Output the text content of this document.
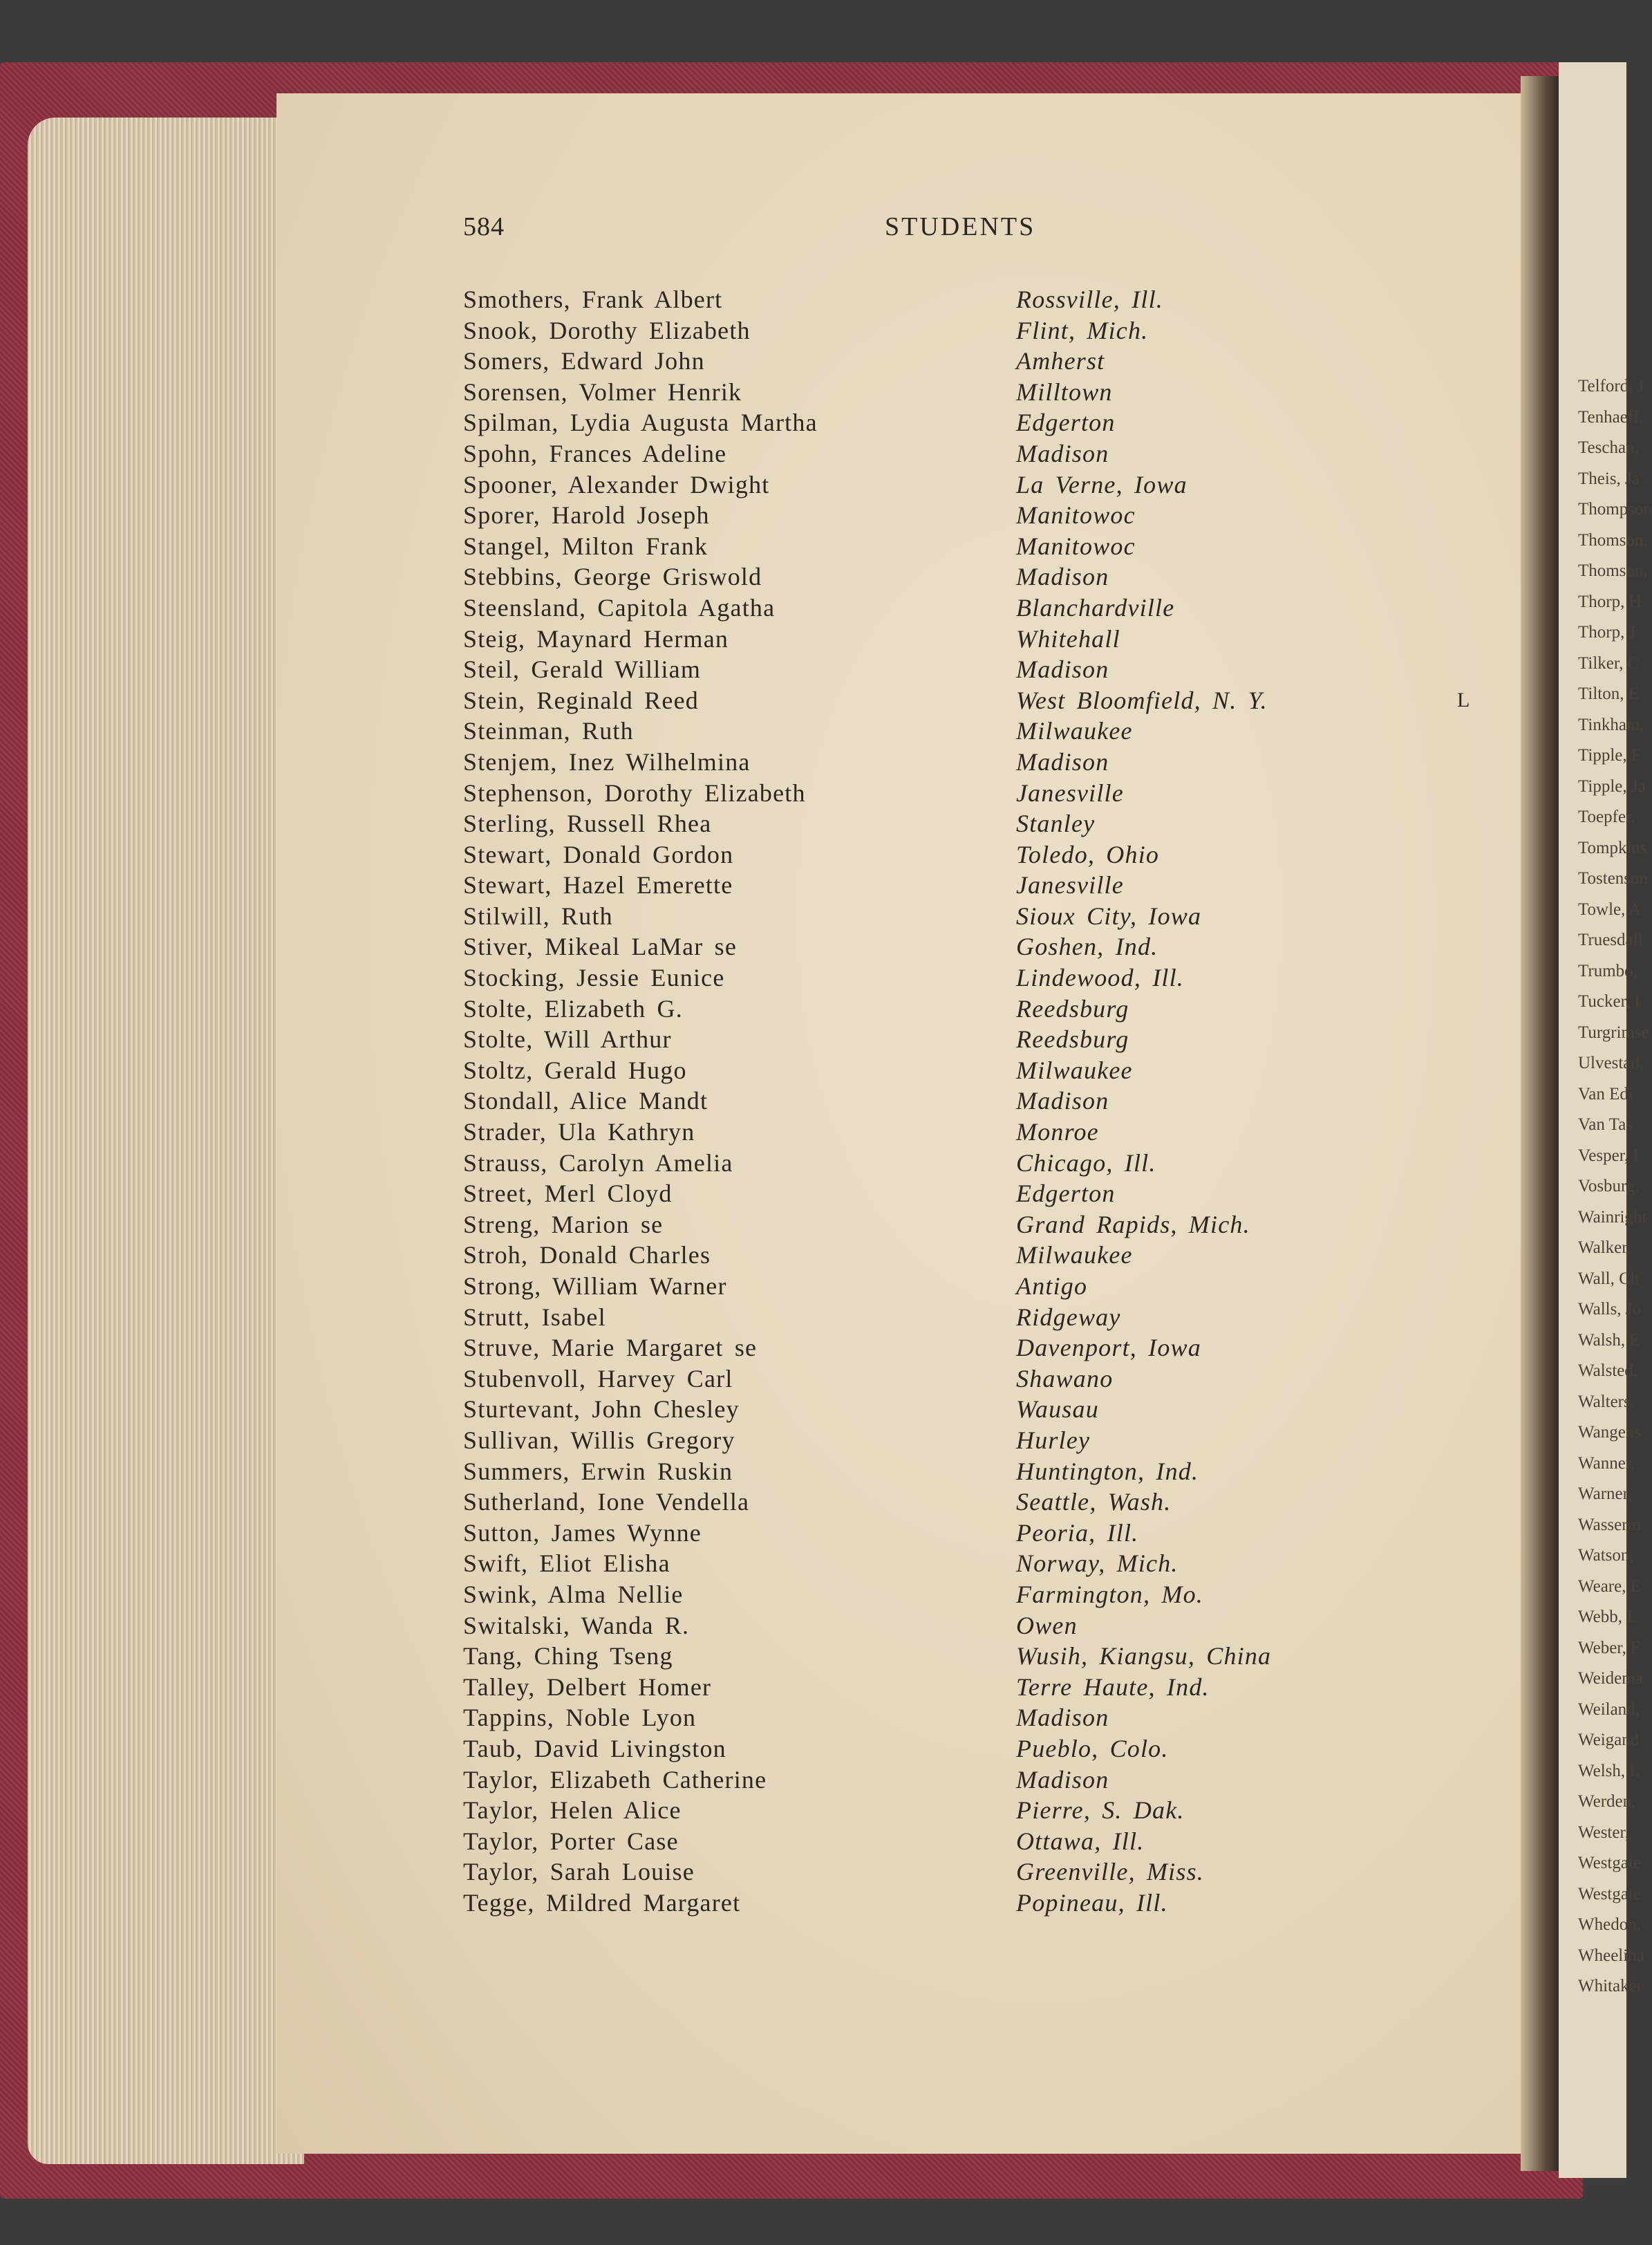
Telford, J
Tenhaeff,
Teschan,
Theis, Ja
Thompson
Thomson,
Thomson,
Thorp, H
Thorp, J
Tilker, C
Tilton, E
Tinkham,
Tipple, F
Tipple, Ja
Toepfer,
Tompkins
Tostenson
Towle, A
Truesdall
Trumbo,
Tucker, I
Turgrimse
Ulvestad,
Van Edi
Van Tas
Vesper, I
Vosburg,
Wainright
Walker,
Wall, Ch
Walls, Jo
Walsh, E
Walsted,
Walters,
Wangens
Wanner,
Warner,
Wasserm
Watson,
Weare, E
Webb, L
Weber, F
Weidema
Weiland,
Weigand
Welsh, L
Werden,
Wester,
Westgate
Westgate
Whedon,
Wheeliha
Whitaker
584	STUDENTS
L
Smothers, Frank Albert	Rossville, Ill.
Snook, Dorothy Elizabeth	Flint, Mich.
Somers, Edward John	Amherst
Sorensen, Volmer Henrik	Milltown
Spilman, Lydia Augusta Martha	Edgerton
Spohn, Frances Adeline	Madison
Spooner, Alexander Dwight	La Verne, Iowa
Sporer, Harold Joseph	Manitowoc
Stangel, Milton Frank	Manitowoc
Stebbins, George Griswold	Madison
Steensland, Capitola Agatha	Blanchardville
Steig, Maynard Herman	Whitehall
Steil, Gerald William	Madison
Stein, Reginald Reed	West Bloomfield, N. Y.
Steinman, Ruth	Milwaukee
Stenjem, Inez Wilhelmina	Madison
Stephenson, Dorothy Elizabeth	Janesville
Sterling, Russell Rhea	Stanley
Stewart, Donald Gordon	Toledo, Ohio
Stewart, Hazel Emerette	Janesville
Stilwill, Ruth	Sioux City, Iowa
Stiver, Mikeal LaMar se	Goshen, Ind.
Stocking, Jessie Eunice	Lindewood, Ill.
Stolte, Elizabeth G.	Reedsburg
Stolte, Will Arthur	Reedsburg
Stoltz, Gerald Hugo	Milwaukee
Stondall, Alice Mandt	Madison
Strader, Ula Kathryn	Monroe
Strauss, Carolyn Amelia	Chicago, Ill.
Street, Merl Cloyd	Edgerton
Streng, Marion se	Grand Rapids, Mich.
Stroh, Donald Charles	Milwaukee
Strong, William Warner	Antigo
Strutt, Isabel	Ridgeway
Struve, Marie Margaret se	Davenport, Iowa
Stubenvoll, Harvey Carl	Shawano
Sturtevant, John Chesley	Wausau
Sullivan, Willis Gregory	Hurley
Summers, Erwin Ruskin	Huntington, Ind.
Sutherland, Ione Vendella	Seattle, Wash.
Sutton, James Wynne	Peoria, Ill.
Swift, Eliot Elisha	Norway, Mich.
Swink, Alma Nellie	Farmington, Mo.
Switalski, Wanda R.	Owen
Tang, Ching Tseng	Wusih, Kiangsu, China
Talley, Delbert Homer	Terre Haute, Ind.
Tappins, Noble Lyon	Madison
Taub, David Livingston	Pueblo, Colo.
Taylor, Elizabeth Catherine	Madison
Taylor, Helen Alice	Pierre, S. Dak.
Taylor, Porter Case	Ottawa, Ill.
Taylor, Sarah Louise	Greenville, Miss.
Tegge, Mildred Margaret	Popineau, Ill.
